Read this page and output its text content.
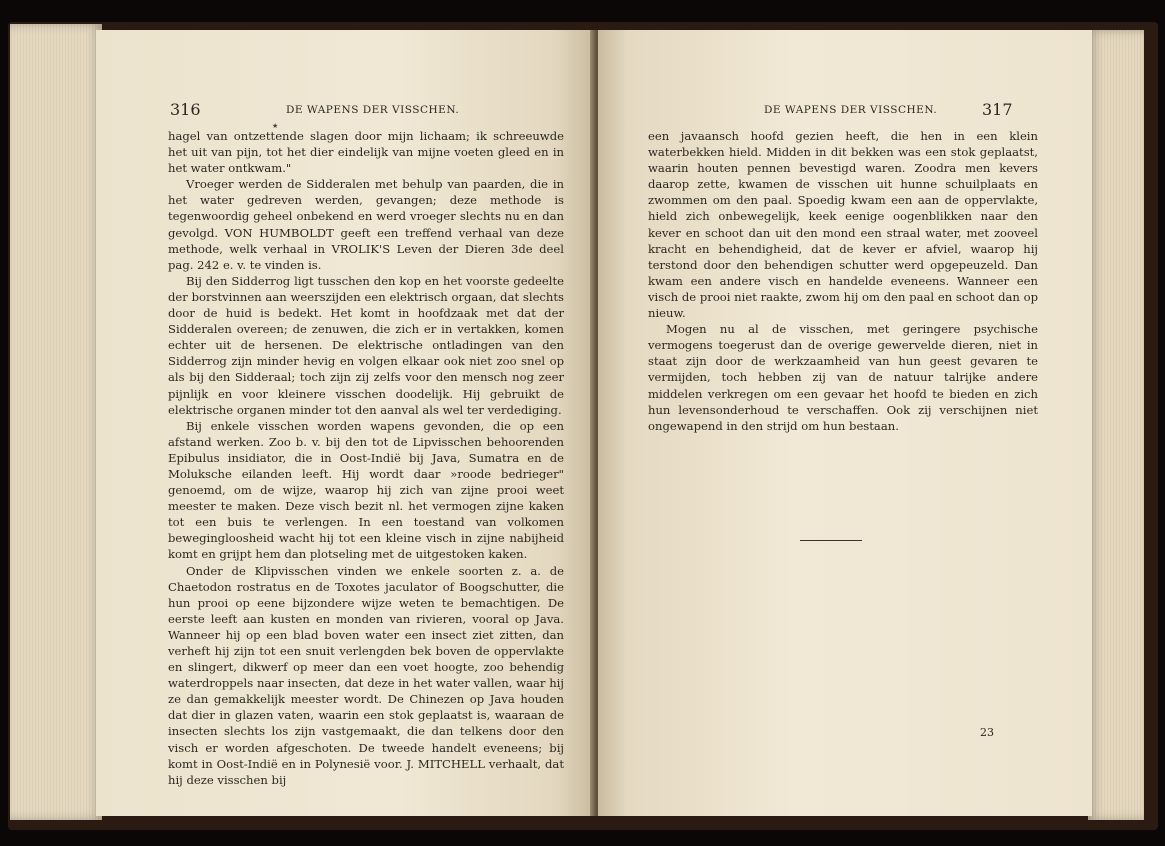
316	DE WAPENS DER VISSCHEN.
★

hagel van ontzettende slagen door mijn lichaam; ik schreeuwde het uit van pijn, tot het dier eindelijk van mijne voeten gleed en in het water ontkwam."

Vroeger werden de Sidderalen met behulp van paarden, die in het water gedreven werden, gevangen; deze methode is tegenwoordig geheel onbekend en werd vroeger slechts nu en dan gevolgd. VON HUMBOLDT geeft een treffend verhaal van deze methode, welk verhaal in VROLIK'S Leven der Dieren 3de deel pag. 242 e. v. te vinden is.

Bij den Sidderrog ligt tusschen den kop en het voorste gedeelte der borstvinnen aan weerszijden een elektrisch orgaan, dat slechts door de huid is bedekt. Het komt in hoofdzaak met dat der Sidderalen overeen; de zenuwen, die zich er in vertakken, komen echter uit de hersenen. De elektrische ontladingen van den Sidderrog zijn minder hevig en volgen elkaar ook niet zoo snel op als bij den Sidderaal; toch zijn zij zelfs voor den mensch nog zeer pijnlijk en voor kleinere visschen doodelijk. Hij gebruikt de elektrische organen minder tot den aanval als wel ter verdediging.

Bij enkele visschen worden wapens gevonden, die op een afstand werken. Zoo b. v. bij den tot de Lipvisschen behoorenden Epibulus insidiator, die in Oost-Indië bij Java, Sumatra en de Moluksche eilanden leeft. Hij wordt daar »roode bedrieger" genoemd, om de wijze, waarop hij zich van zijne prooi weet meester te maken. Deze visch bezit nl. het vermogen zijne kaken tot een buis te verlengen. In een toestand van volkomen bewegingloosheid wacht hij tot een kleine visch in zijne nabijheid komt en grijpt hem dan plotseling met de uitgestoken kaken.

Onder de Klipvisschen vinden we enkele soorten z. a. de Chaetodon rostratus en de Toxotes jaculator of Boogschutter, die hun prooi op eene bijzondere wijze weten te bemachtigen. De eerste leeft aan kusten en monden van rivieren, vooral op Java. Wanneer hij op een blad boven water een insect ziet zitten, dan verheft hij zijn tot een snuit verlengden bek boven de oppervlakte en slingert, dikwerf op meer dan een voet hoogte, zoo behendig waterdroppels naar insecten, dat deze in het water vallen, waar hij ze dan gemakkelijk meester wordt. De Chinezen op Java houden dat dier in glazen vaten, waarin een stok geplaatst is, waaraan de insecten slechts los zijn vastgemaakt, die dan telkens door den visch er worden afgeschoten. De tweede handelt eveneens; bij komt in Oost-Indië en in Polynesië voor. J. MITCHELL verhaalt, dat hij deze visschen bij

DE WAPENS DER VISSCHEN.	317

een javaansch hoofd gezien heeft, die hen in een klein waterbekken hield. Midden in dit bekken was een stok geplaatst, waarin houten pennen bevestigd waren. Zoodra men kevers daarop zette, kwamen de visschen uit hunne schuilplaats en zwommen om den paal. Spoedig kwam een aan de oppervlakte, hield zich onbewegelijk, keek eenige oogenblikken naar den kever en schoot dan uit den mond een straal water, met zooveel kracht en behendigheid, dat de kever er afviel, waarop hij terstond door den behendigen schutter werd opgepeuzeld. Dan kwam een andere visch en handelde eveneens. Wanneer een visch de prooi niet raakte, zwom hij om den paal en schoot dan op nieuw.

Mogen nu al de visschen, met geringere psychische vermogens toegerust dan de overige gewervelde dieren, niet in staat zijn door de werkzaamheid van hun geest gevaren te vermijden, toch hebben zij van de natuur talrijke andere middelen verkregen om een gevaar het hoofd te bieden en zich hun levensonderhoud te verschaffen. Ook zij verschijnen niet ongewapend in den strijd om hun bestaan.

23
